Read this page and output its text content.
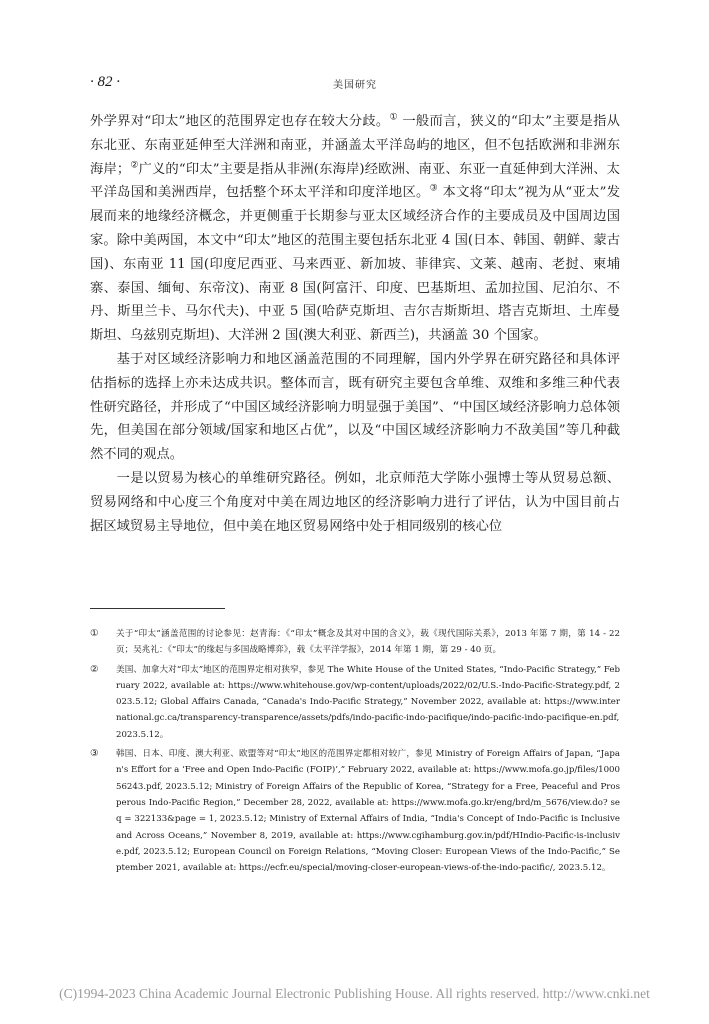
· 82 ·	美国研究

外学界对“印太”地区的范围界定也存在较大分歧。① 一般而言，狭义的“印太”主要是指从东北亚、东南亚延伸至大洋洲和南亚，并涵盖太平洋岛屿的地区，但不包括欧洲和非洲东海岸；②广义的“印太”主要是指从非洲(东海岸)经欧洲、南亚、东亚一直延伸到大洋洲、太平洋岛国和美洲西岸，包括整个环太平洋和印度洋地区。③ 本文将“印太”视为从“亚太”发展而来的地缘经济概念，并更侧重于长期参与亚太区域经济合作的主要成员及中国周边国家。除中美两国，本文中“印太”地区的范围主要包括东北亚 4 国(日本、韩国、朝鲜、蒙古国)、东南亚 11 国(印度尼西亚、马来西亚、新加坡、菲律宾、文莱、越南、老挝、柬埔寨、泰国、缅甸、东帝汶)、南亚 8 国(阿富汗、印度、巴基斯坦、孟加拉国、尼泊尔、不丹、斯里兰卡、马尔代夫)、中亚 5 国(哈萨克斯坦、吉尔吉斯斯坦、塔吉克斯坦、土库曼斯坦、乌兹别克斯坦)、大洋洲 2 国(澳大利亚、新西兰)，共涵盖 30 个国家。

基于对区域经济影响力和地区涵盖范围的不同理解，国内外学界在研究路径和具体评估指标的选择上亦未达成共识。整体而言，既有研究主要包含单维、双维和多维三种代表性研究路径，并形成了“中国区域经济影响力明显强于美国”、“中国区域经济影响力总体领先，但美国在部分领域/国家和地区占优”，以及“中国区域经济影响力不敌美国”等几种截然不同的观点。

一是以贸易为核心的单维研究路径。例如，北京师范大学陈小强博士等从贸易总额、贸易网络和中心度三个角度对中美在周边地区的经济影响力进行了评估，认为中国目前占据区域贸易主导地位，但中美在地区贸易网络中处于相同级别的核心位

① 关于“印太”涵盖范围的讨论参见：赵青海：《“印太”概念及其对中国的含义》，载《现代国际关系》，2013 年第 7 期，第 14 - 22 页；吴兆礼：《“印太”的缘起与多国战略博弈》，载《太平洋学报》，2014 年第 1 期，第 29 - 40 页。

② 美国、加拿大对“印太”地区的范围界定相对狭窄，参见 The White House of the United States, “Indo-Pacific Strategy,” February 2022, available at: https://www.whitehouse.gov/wp-content/uploads/2022/02/U.S.-Indo-Pacific-Strategy.pdf, 2023.5.12; Global Affairs Canada, “Canada's Indo-Pacific Strategy,” November 2022, available at: https://www.international.gc.ca/transparency-transparence/assets/pdfs/indo-pacific-indo-pacifique/indo-pacific-indo-pacifique-en.pdf, 2023.5.12。

③ 韩国、日本、印度、澳大利亚、欧盟等对“印太”地区的范围界定都相对较广，参见 Ministry of Foreign Affairs of Japan, “Japan's Effort for a ‘Free and Open Indo-Pacific (FOIP)’,” February 2022, available at: https://www.mofa.go.jp/files/100056243.pdf, 2023.5.12; Ministry of Foreign Affairs of the Republic of Korea, “Strategy for a Free, Peaceful and Prosperous Indo-Pacific Region,” December 28, 2022, available at: https://www.mofa.go.kr/eng/brd/m_5676/view.do? seq = 322133&page = 1, 2023.5.12; Ministry of External Affairs of India, “India's Concept of Indo-Pacific is Inclusive and Across Oceans,” November 8, 2019, available at: https://www.cgihamburg.gov.in/pdf/HIndio-Pacific-is-inclusive.pdf, 2023.5.12; European Council on Foreign Relations, “Moving Closer: European Views of the Indo-Pacific,” September 2021, available at: https://ecfr.eu/special/moving-closer-european-views-of-the-indo-pacific/, 2023.5.12。

(C)1994-2023 China Academic Journal Electronic Publishing House. All rights reserved. http://www.cnki.net
